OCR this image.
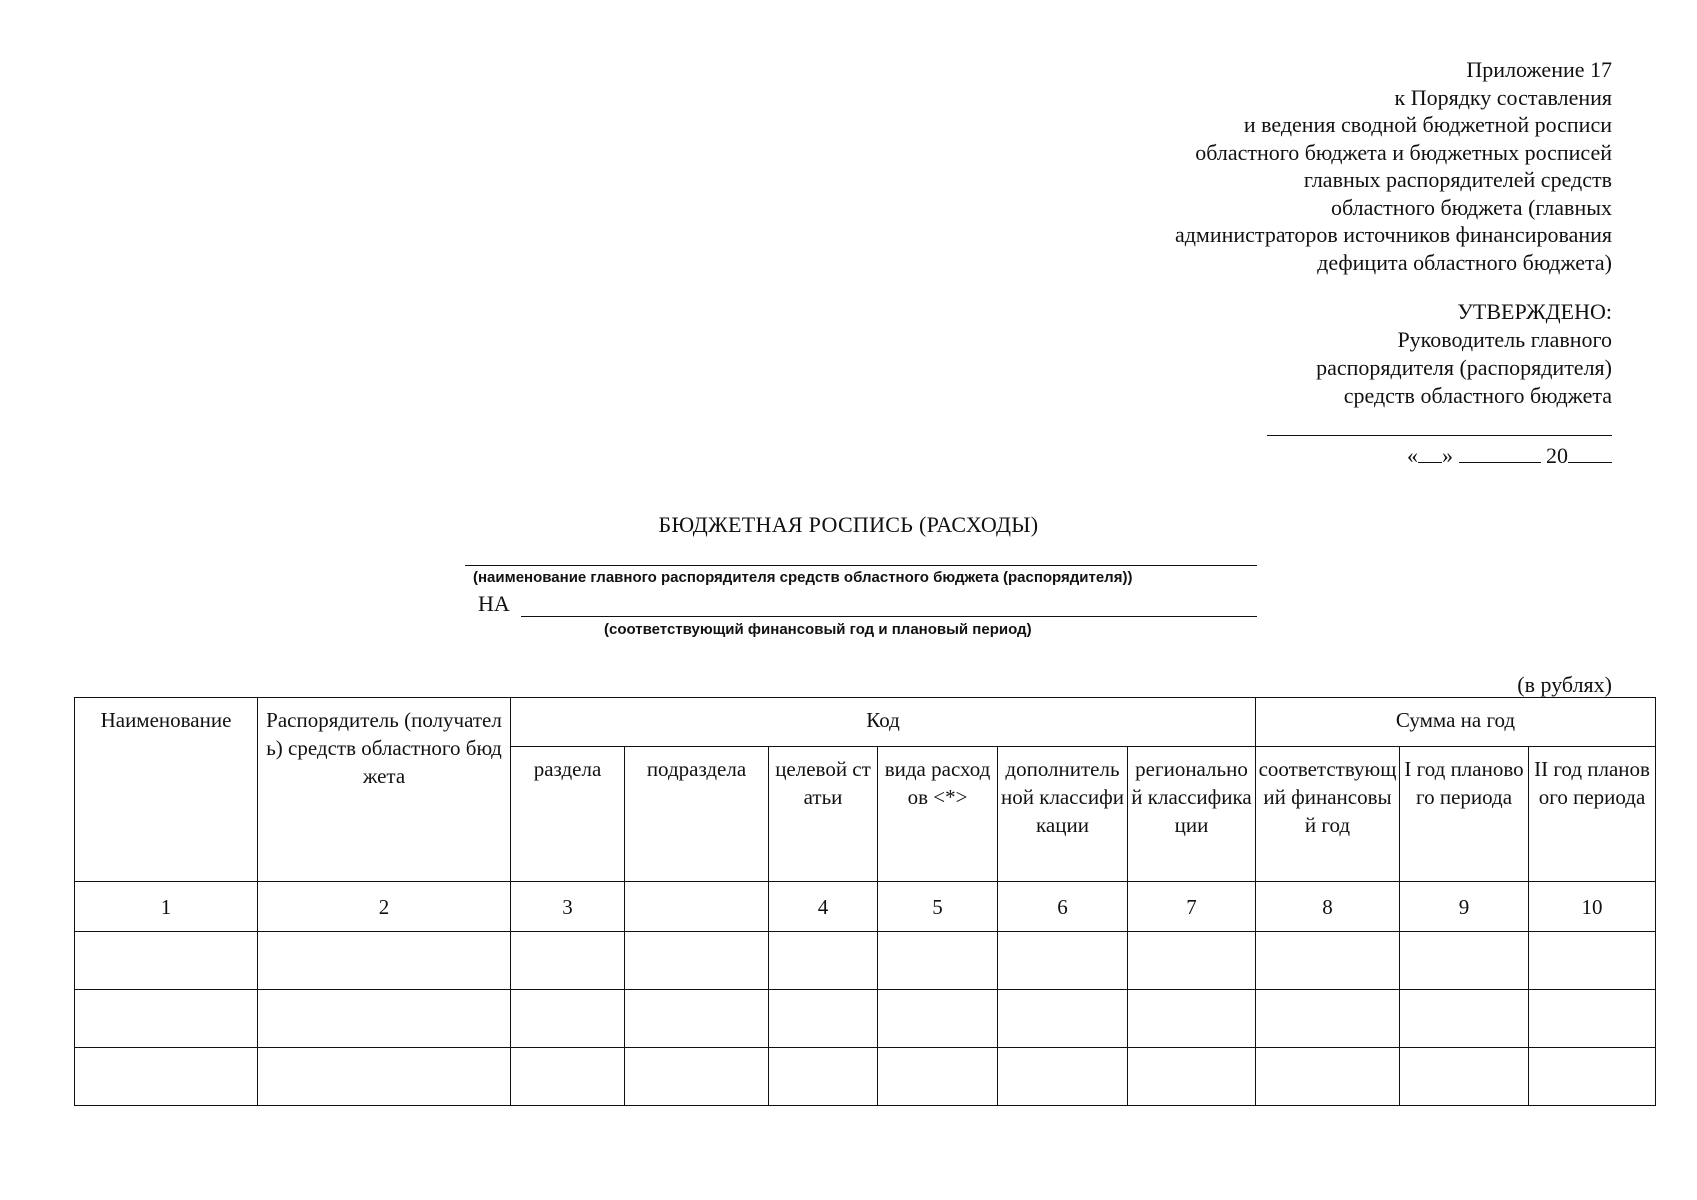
Приложение 17
к Порядку составления
и ведения сводной бюджетной росписи
областного бюджета и бюджетных росписей
главных распорядителей средств
областного бюджета (главных
администраторов источников финансирования
дефицита областного бюджета)
УТВЕРЖДЕНО:
Руководитель главного
распорядителя (распорядителя)
средств областного бюджета
« »	20
БЮДЖЕТНАЯ РОСПИСЬ (РАСХОДЫ)
(наименование главного распорядителя средств областного бюджета (распорядителя))
НА
(соответствующий финансовый год и плановый период)
(в рублях)
Наименование	Распорядитель (получатель) средств областного бюджета	Код						Сумма на год		
		раздела	подраздела	целевой статьи	вида расходов <*>	дополнительной классификации	региональной классификации	соответствующий финансовый год	I год планового периода	II год планового периода
1	2	3		4	5	6	7	8	9	10
